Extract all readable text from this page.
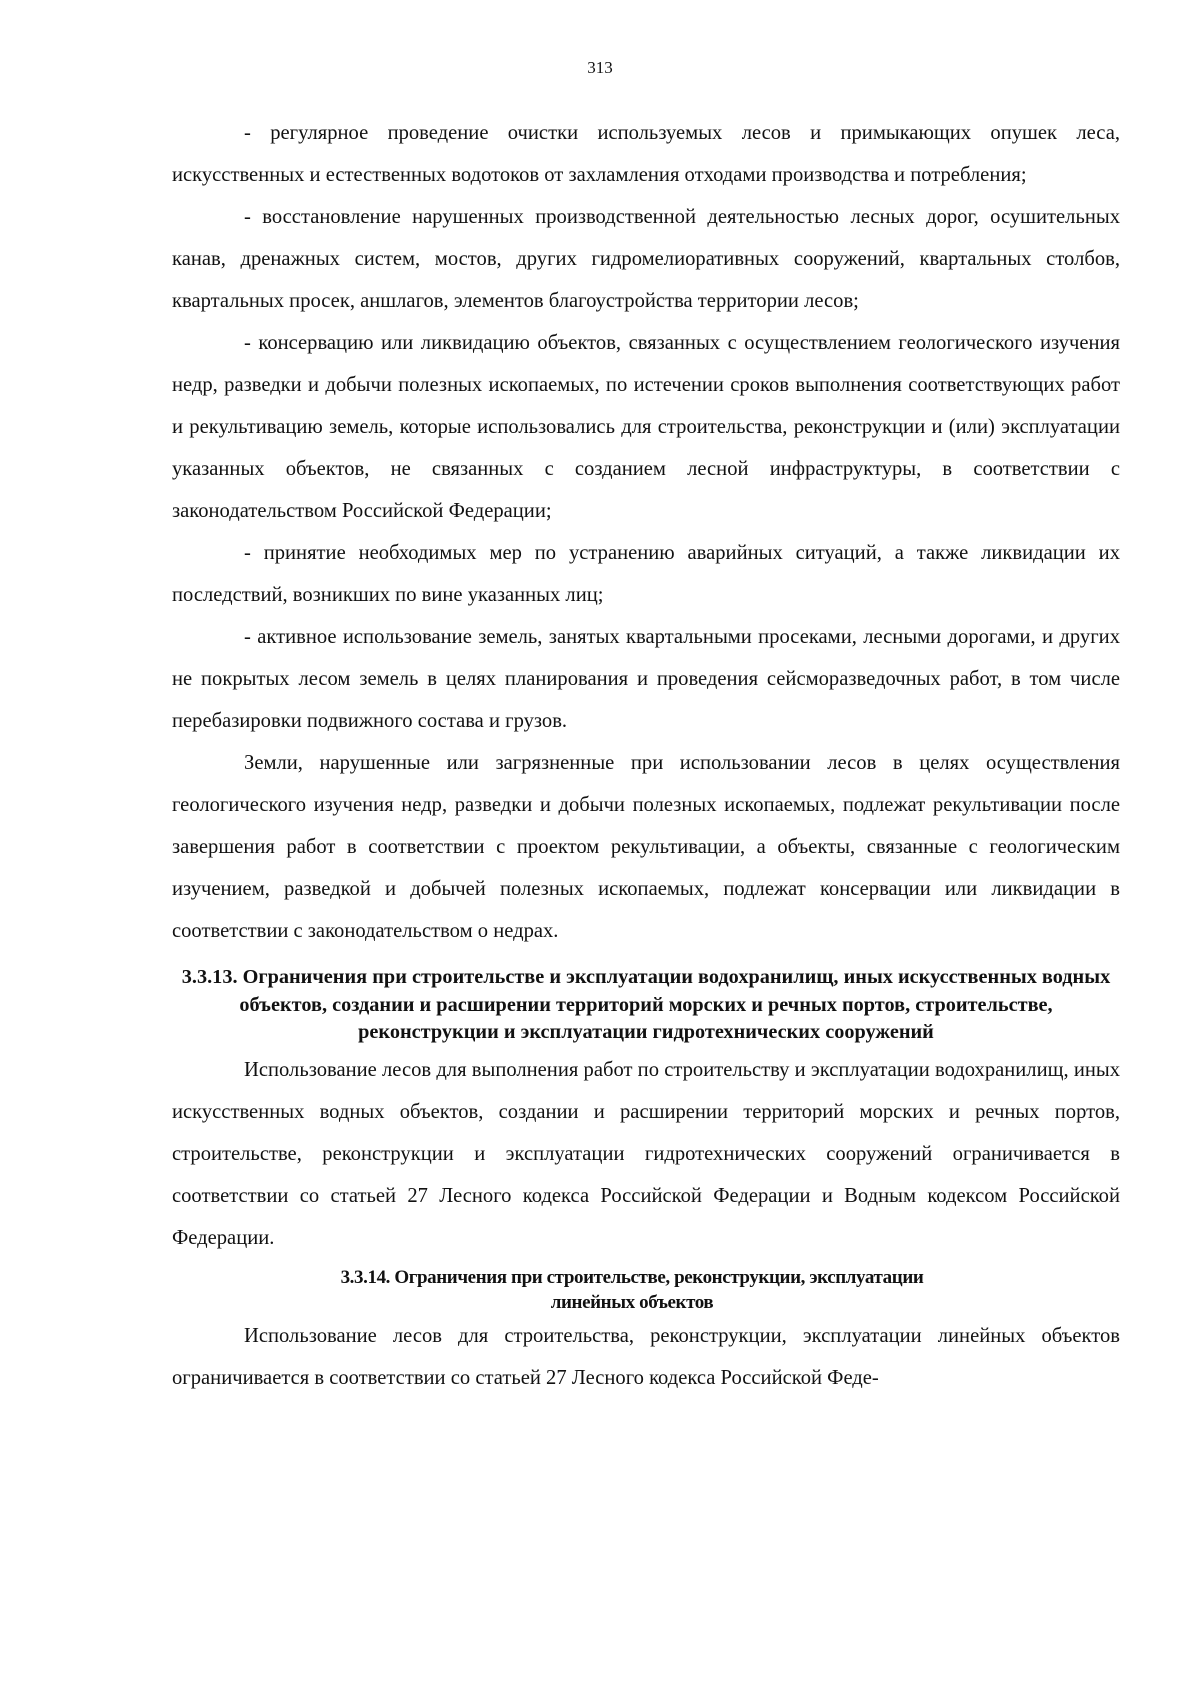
313

- регулярное проведение очистки используемых лесов и примыкающих опушек леса, искусственных и естественных водотоков от захламления отходами производства и потребления;

- восстановление нарушенных производственной деятельностью лесных дорог, осушительных канав, дренажных систем, мостов, других гидромелиоративных сооружений, квартальных столбов, квартальных просек, аншлагов, элементов благоустройства территории лесов;

- консервацию или ликвидацию объектов, связанных с осуществлением геологического изучения недр, разведки и добычи полезных ископаемых, по истечении сроков выполнения соответствующих работ и рекультивацию земель, которые использовались для строительства, реконструкции и (или) эксплуатации указанных объектов, не связанных с созданием лесной инфраструктуры, в соответствии с законодательством Российской Федерации;

- принятие необходимых мер по устранению аварийных ситуаций, а также ликвидации их последствий, возникших по вине указанных лиц;

- активное использование земель, занятых квартальными просеками, лесными дорогами, и других не покрытых лесом земель в целях планирования и проведения сейсморазведочных работ, в том числе перебазировки подвижного состава и грузов.

Земли, нарушенные или загрязненные при использовании лесов в целях осуществления геологического изучения недр, разведки и добычи полезных ископаемых, подлежат рекультивации после завершения работ в соответствии с проектом рекультивации, а объекты, связанные с геологическим изучением, разведкой и добычей полезных ископаемых, подлежат консервации или ликвидации в соответствии с законодательством о недрах.

3.3.13. Ограничения при строительстве и эксплуатации водохранилищ, иных искусственных водных объектов, создании и расширении территорий морских и речных портов, строительстве, реконструкции и эксплуатации гидротехнических сооружений

Использование лесов для выполнения работ по строительству и эксплуатации водохранилищ, иных искусственных водных объектов, создании и расширении территорий морских и речных портов, строительстве, реконструкции и эксплуатации гидротехнических сооружений ограничивается в соответствии со статьей 27 Лесного кодекса Российской Федерации и Водным кодексом Российской Федерации.

3.3.14. Ограничения при строительстве, реконструкции, эксплуатации
линейных объектов

Использование лесов для строительства, реконструкции, эксплуатации линейных объектов ограничивается в соответствии со статьей 27 Лесного кодекса Российской Феде-
